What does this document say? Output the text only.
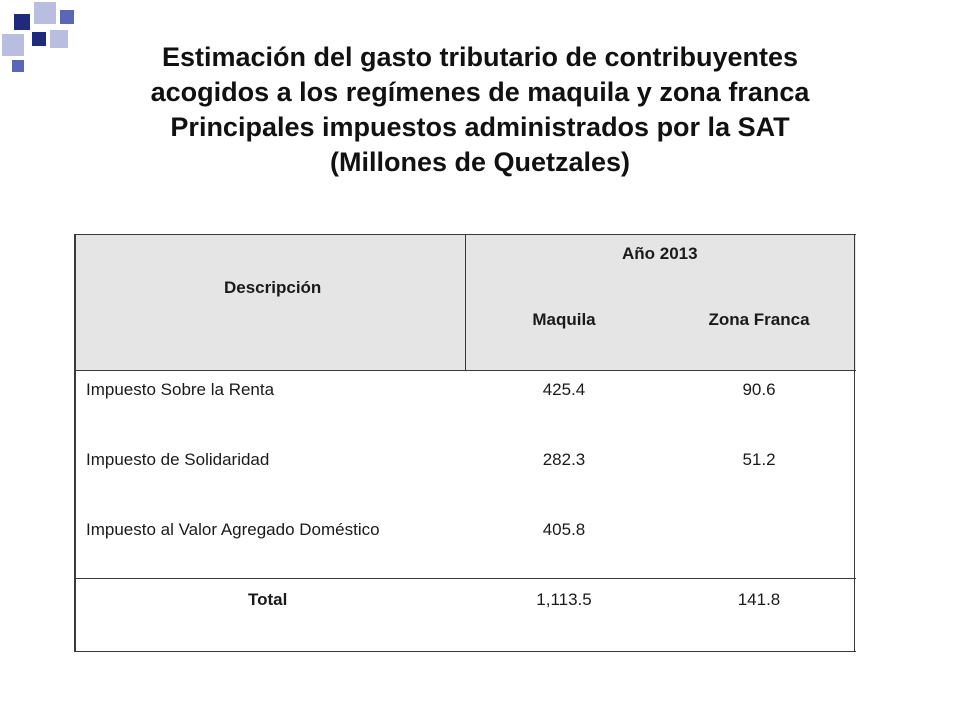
Estimación del gasto tributario de contribuyentes
acogidos a los regímenes de maquila y zona franca
Principales impuestos administrados por la SAT
(Millones de Quetzales)
Descripción
Año 2013
Maquila	Zona Franca
Impuesto Sobre la Renta	425.4	90.6
Impuesto de Solidaridad	282.3	51.2
Impuesto al Valor Agregado Doméstico	405.8
Total	1,113.5	141.8
